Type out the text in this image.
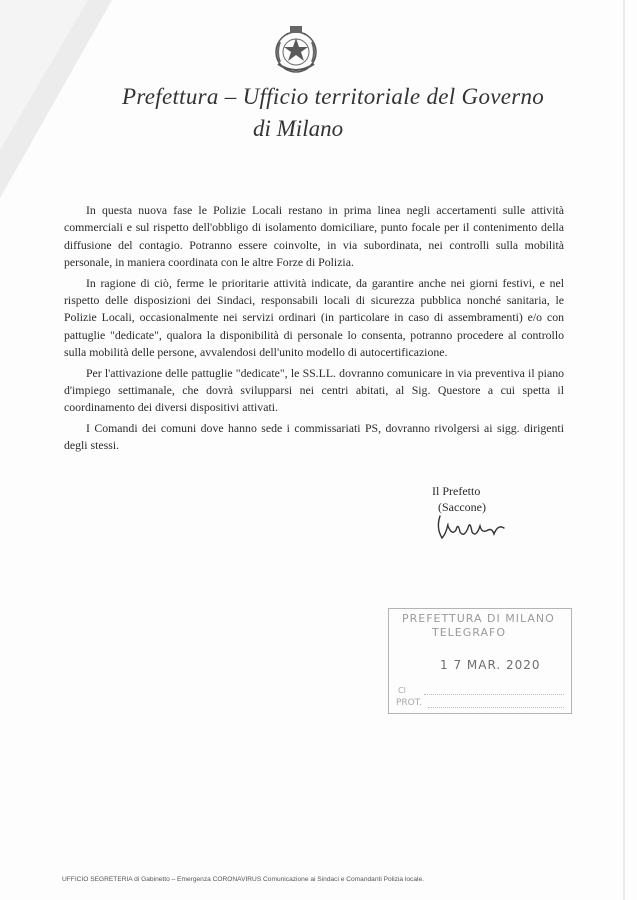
Prefettura – Ufficio territoriale del Governo
di Milano

In questa nuova fase le Polizie Locali restano in prima linea negli accertamenti sulle attività commerciali e sul rispetto dell'obbligo di isolamento domiciliare, punto focale per il contenimento della diffusione del contagio. Potranno essere coinvolte, in via subordinata, nei controlli sulla mobilità personale, in maniera coordinata con le altre Forze di Polizia.

In ragione di ciò, ferme le prioritarie attività indicate, da garantire anche nei giorni festivi, e nel rispetto delle disposizioni dei Sindaci, responsabili locali di sicurezza pubblica nonché sanitaria, le Polizie Locali, occasionalmente nei servizi ordinari (in particolare in caso di assembramenti) e/o con pattuglie "dedicate", qualora la disponibilità di personale lo consenta, potranno procedere al controllo sulla mobilità delle persone, avvalendosi dell'unito modello di autocertificazione.

Per l'attivazione delle pattuglie "dedicate", le SS.LL. dovranno comunicare in via preventiva il piano d'impiego settimanale, che dovrà svilupparsi nei centri abitati, al Sig. Questore a cui spetta il coordinamento dei diversi dispositivi attivati.

I Comandi dei comuni dove hanno sede i commissariati PS, dovranno rivolgersi ai sigg. dirigenti degli stessi.

Il Prefetto
(Saccone)
PREFETTURA DI MILANO
TELEGRAFO
1 7 MAR. 2020
Cl
PROT.
UFFICIO SEGRETERIA di Gabinetto – Emergenza CORONAVIRUS Comunicazione ai Sindaci e Comandanti Polizia locale.
